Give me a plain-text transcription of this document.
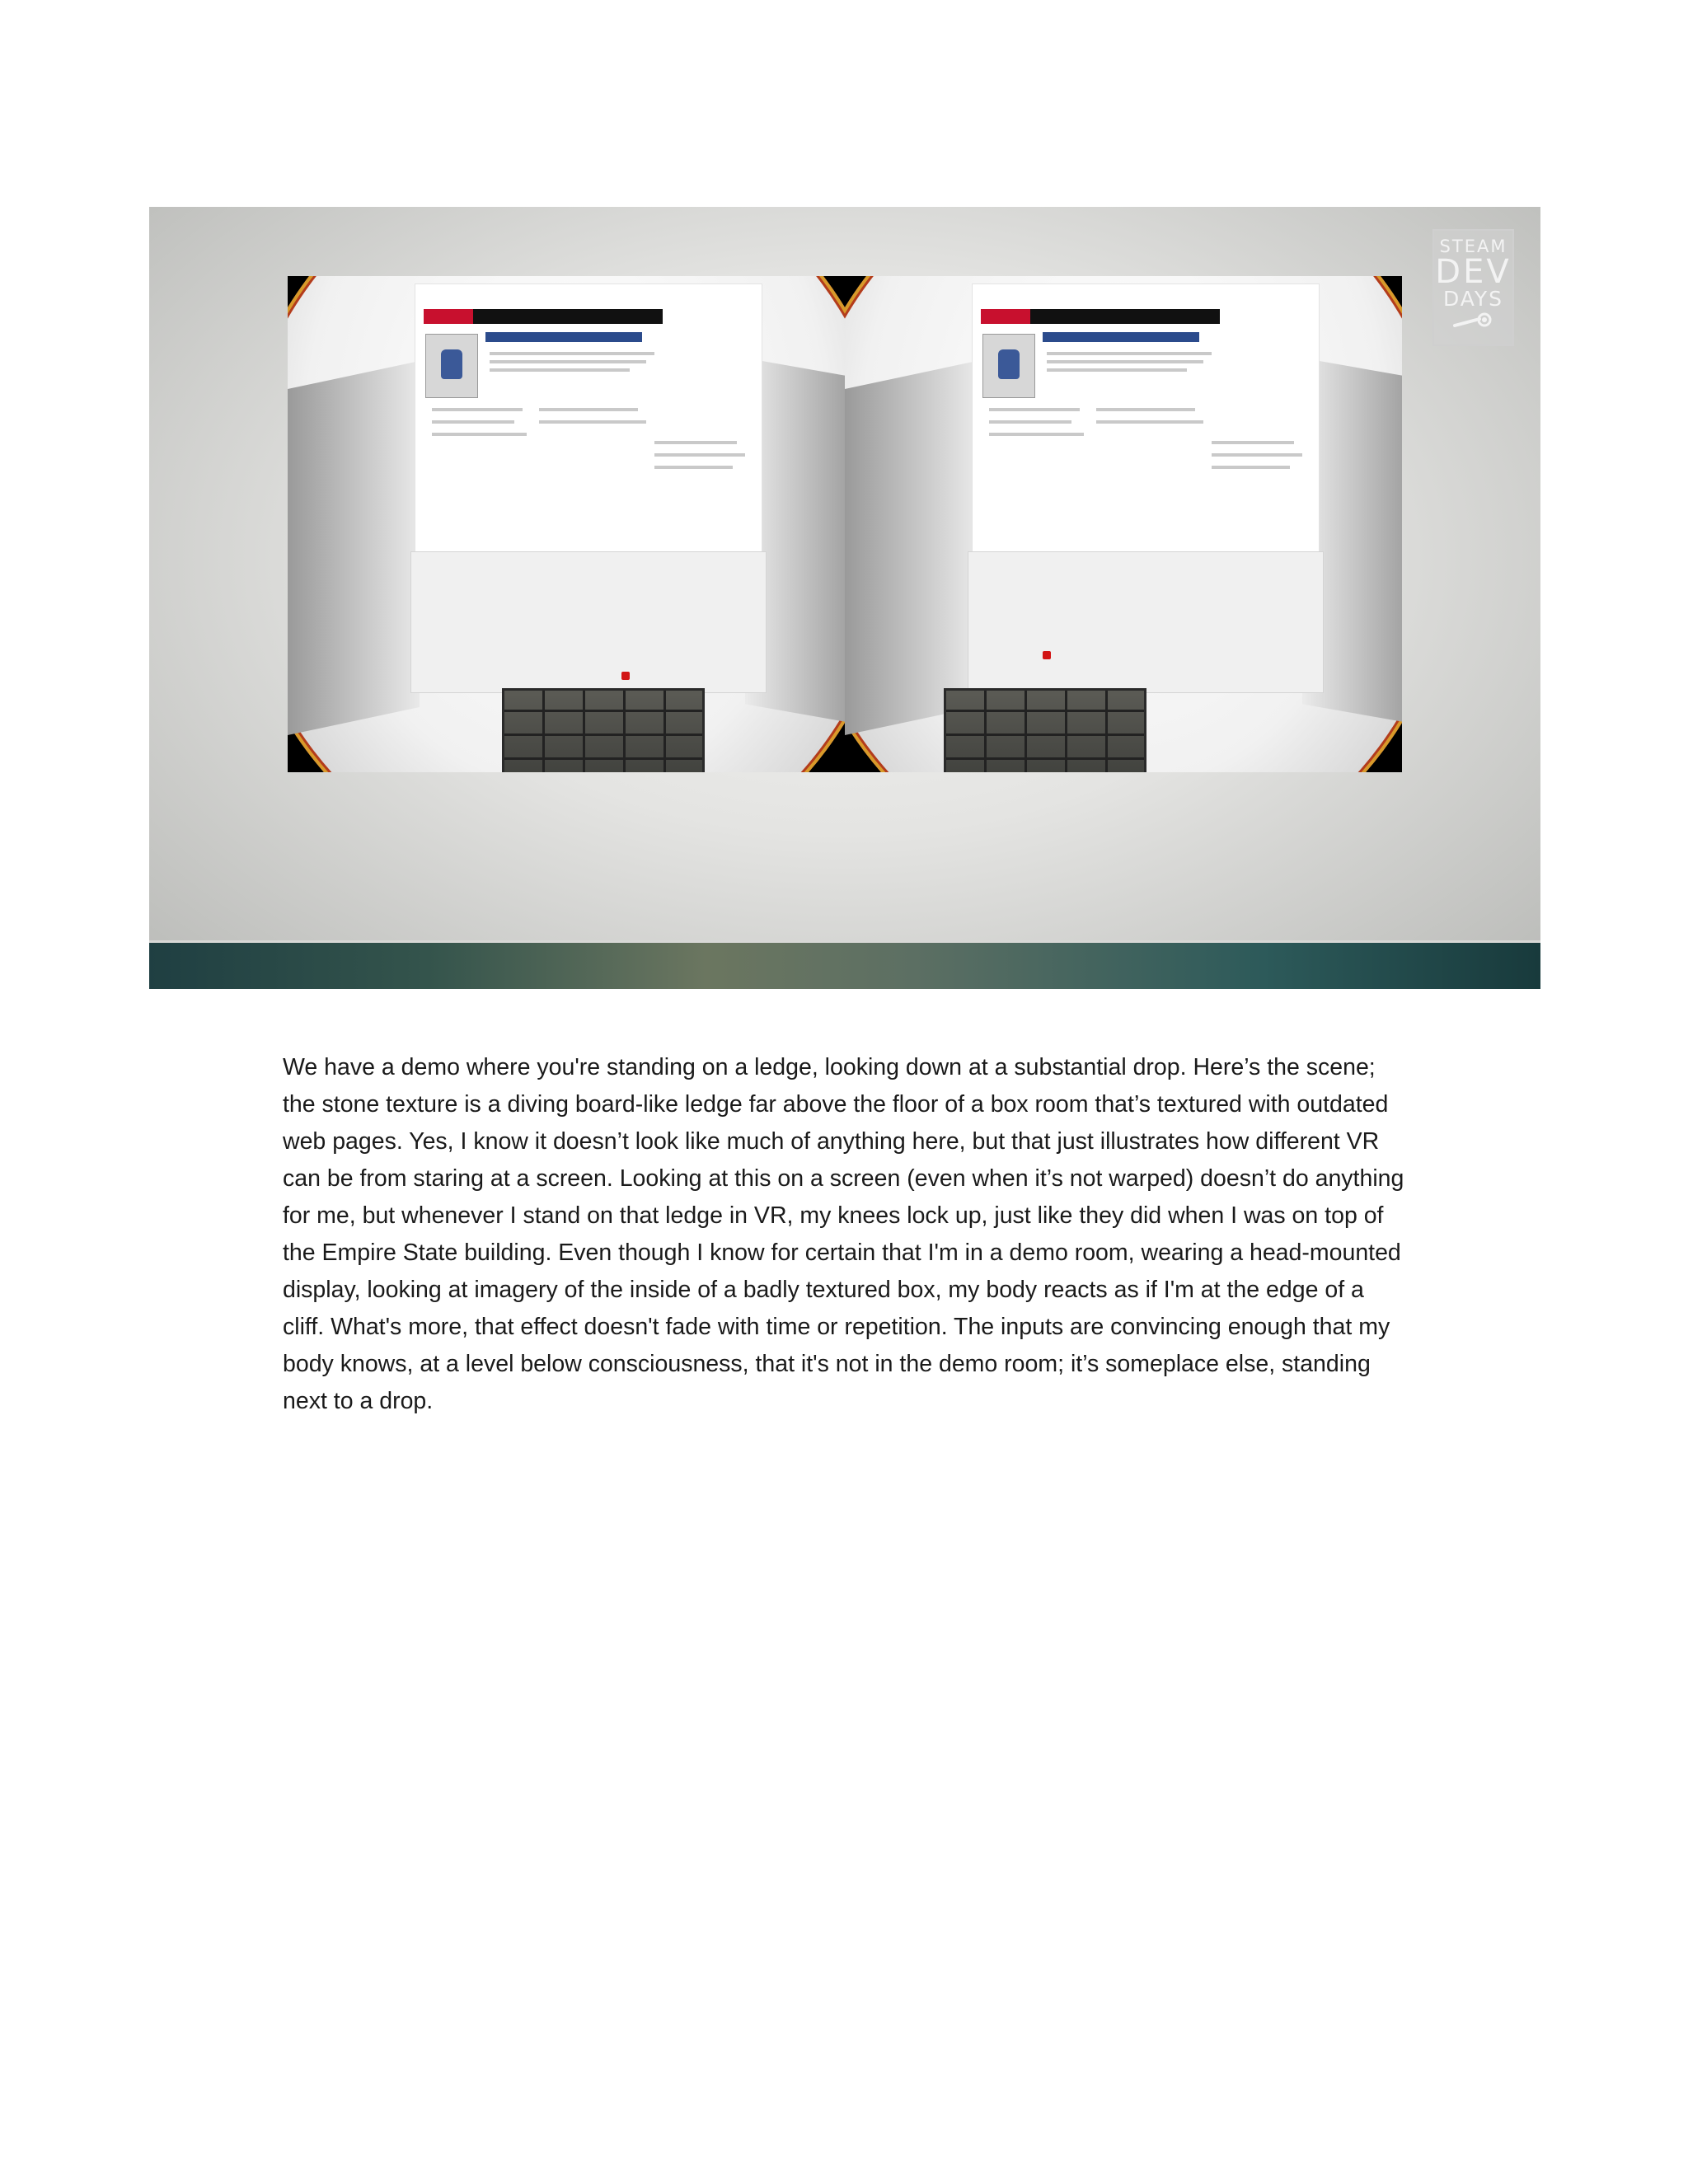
STEAM
DEV
DAYS

We have a demo where you're standing on a ledge, looking down at a substantial drop. Here’s the scene; the stone texture is a diving board-like ledge far above the floor of a box room that’s textured with outdated web pages. Yes, I know it doesn’t look like much of anything here, but that just illustrates how different VR can be from staring at a screen. Looking at this on a screen (even when it’s not warped) doesn’t do anything for me, but whenever I stand on that ledge in VR, my knees lock up, just like they did when I was on top of the Empire State building. Even though I know for certain that I'm in a demo room, wearing a head-mounted display, looking at imagery of the inside of a badly textured box, my body reacts as if I'm at the edge of a cliff. What's more, that effect doesn't fade with time or repetition. The inputs are convincing enough that my body knows, at a level below consciousness, that it's not in the demo room; it’s someplace else, standing next to a drop.
